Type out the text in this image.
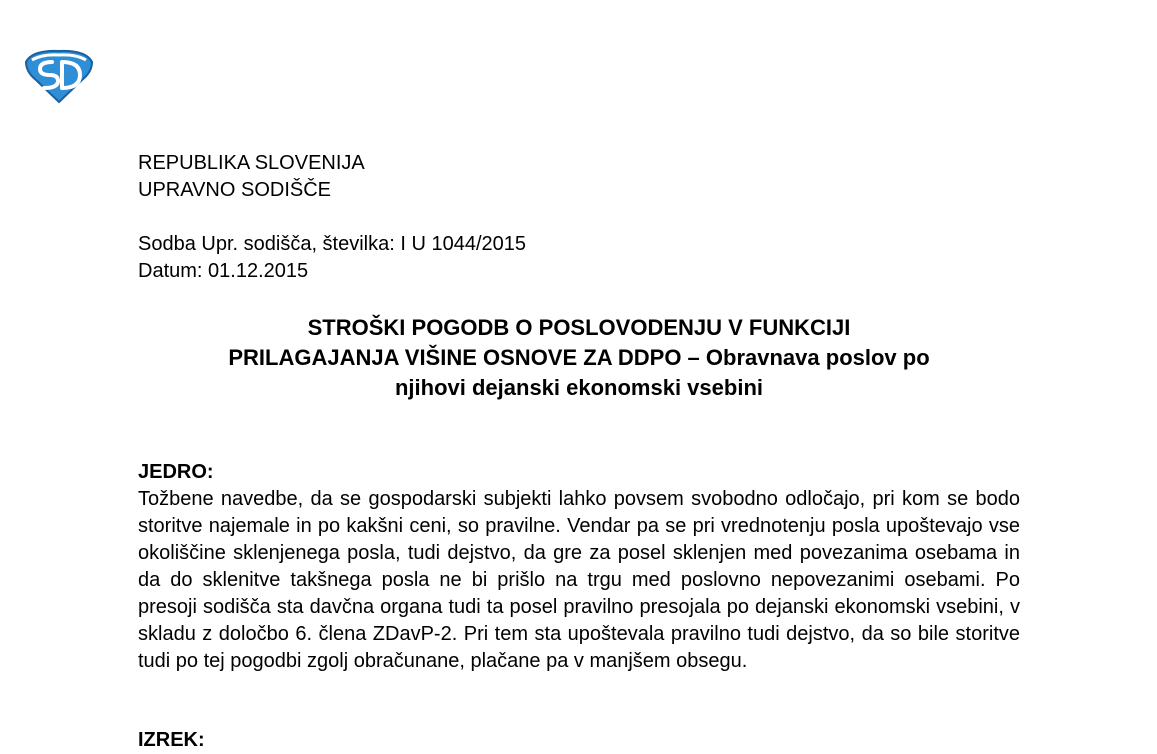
REPUBLIKA SLOVENIJA
UPRAVNO SODIŠČE
Sodba Upr. sodišča, številka: I U 1044/2015
Datum: 01.12.2015
STROŠKI POGODB O POSLOVODENJU V FUNKCIJI
PRILAGAJANJA VIŠINE OSNOVE ZA DDPO – Obravnava poslov po
njihovi dejanski ekonomski vsebini
JEDRO:
Tožbene navedbe, da se gospodarski subjekti lahko povsem svobodno odločajo, pri kom se bodo storitve najemale in po kakšni ceni, so pravilne. Vendar pa se pri vrednotenju posla upoštevajo vse okoliščine sklenjenega posla, tudi dejstvo, da gre za posel sklenjen med povezanima osebama in da do sklenitve takšnega posla ne bi prišlo na trgu med poslovno nepovezanimi osebami. Po presoji sodišča sta davčna organa tudi ta posel pravilno presojala po dejanski ekonomski vsebini, v skladu z določbo 6. člena ZDavP-2. Pri tem sta upoštevala pravilno tudi dejstvo, da so bile storitve tudi po tej pogodbi zgolj obračunane, plačane pa v manjšem obsegu.
IZREK:
